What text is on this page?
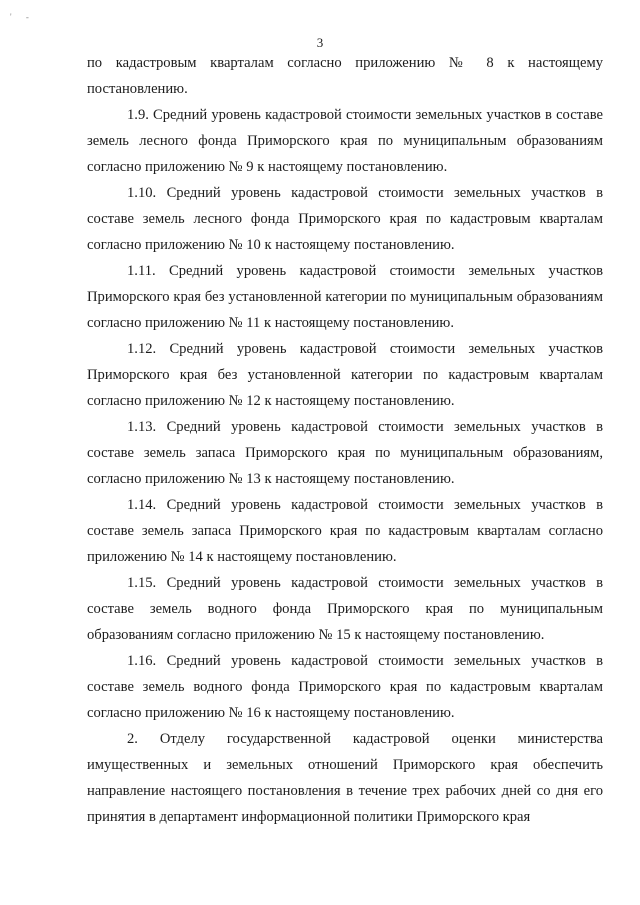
' -
3

по кадастровым кварталам согласно приложению № 8 к настоящему постановлению.

1.9. Средний уровень кадастровой стоимости земельных участков в составе земель лесного фонда Приморского края по муниципальным образованиям согласно приложению № 9 к настоящему постановлению.

1.10. Средний уровень кадастровой стоимости земельных участков в составе земель лесного фонда Приморского края по кадастровым кварталам согласно приложению № 10 к настоящему постановлению.

1.11. Средний уровень кадастровой стоимости земельных участков Приморского края без установленной категории по муниципальным образованиям согласно приложению № 11 к настоящему постановлению.

1.12. Средний уровень кадастровой стоимости земельных участков Приморского края без установленной категории по кадастровым кварталам согласно приложению № 12 к настоящему постановлению.

1.13. Средний уровень кадастровой стоимости земельных участков в составе земель запаса Приморского края по муниципальным образованиям, согласно приложению № 13 к настоящему постановлению.

1.14. Средний уровень кадастровой стоимости земельных участков в составе земель запаса Приморского края по кадастровым кварталам согласно приложению № 14 к настоящему постановлению.

1.15. Средний уровень кадастровой стоимости земельных участков в составе земель водного фонда Приморского края по муниципальным образованиям согласно приложению № 15 к настоящему постановлению.

1.16. Средний уровень кадастровой стоимости земельных участков в составе земель водного фонда Приморского края по кадастровым кварталам согласно приложению № 16 к настоящему постановлению.

2. Отделу государственной кадастровой оценки министерства имущественных и земельных отношений Приморского края обеспечить направление настоящего постановления в течение трех рабочих дней со дня его принятия в департамент информационной политики Приморского края
